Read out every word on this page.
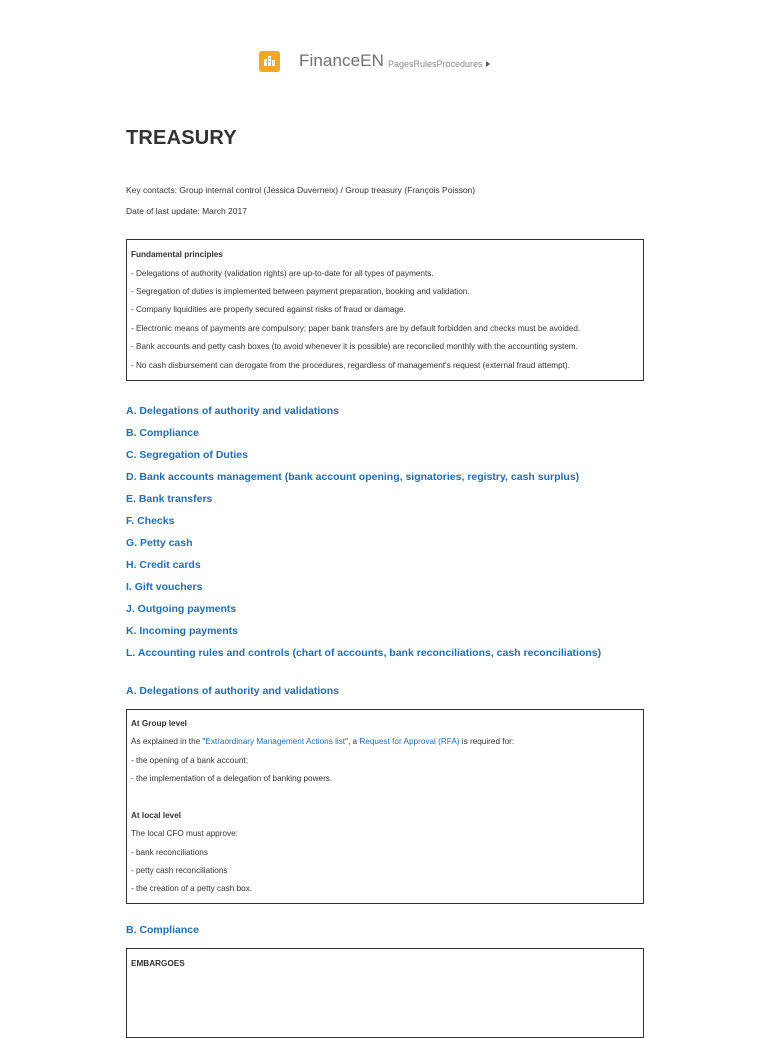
FinanceEN PagesRulesProcedures
TREASURY
Key contacts: Group internal control (Jessica Duverneix) / Group treasury (François Poisson)
Date of last update: March 2017
Fundamental principles
- Delegations of authority (validation rights) are up-to-date for all types of payments.
- Segregation of duties is implemented between payment preparation, booking and validation.
- Company liquidities are properly secured against risks of fraud or damage.
- Electronic means of payments are compulsory; paper bank transfers are by default forbidden and checks must be avoided.
- Bank accounts and petty cash boxes (to avoid whenever it is possible) are reconciled monthly with the accounting system.
- No cash disbursement can derogate from the procedures, regardless of management's request (external fraud attempt).
A. Delegations of authority and validations
B. Compliance
C. Segregation of Duties
D. Bank accounts management (bank account opening, signatories, registry, cash surplus)
E. Bank transfers
F. Checks
G. Petty cash
H. Credit cards
I. Gift vouchers
J. Outgoing payments
K. Incoming payments
L. Accounting rules and controls (chart of accounts, bank reconciliations, cash reconciliations)
A. Delegations of authority and validations
At Group level
As explained in the "Extraordinary Management Actions list", a Request for Approval (RFA) is required for:
- the opening of a bank account;
- the implementation of a delegation of banking powers.
At local level
The local CFO must approve:
- bank reconciliations
- petty cash reconciliations
- the creation of a petty cash box.
B. Compliance
EMBARGOES
